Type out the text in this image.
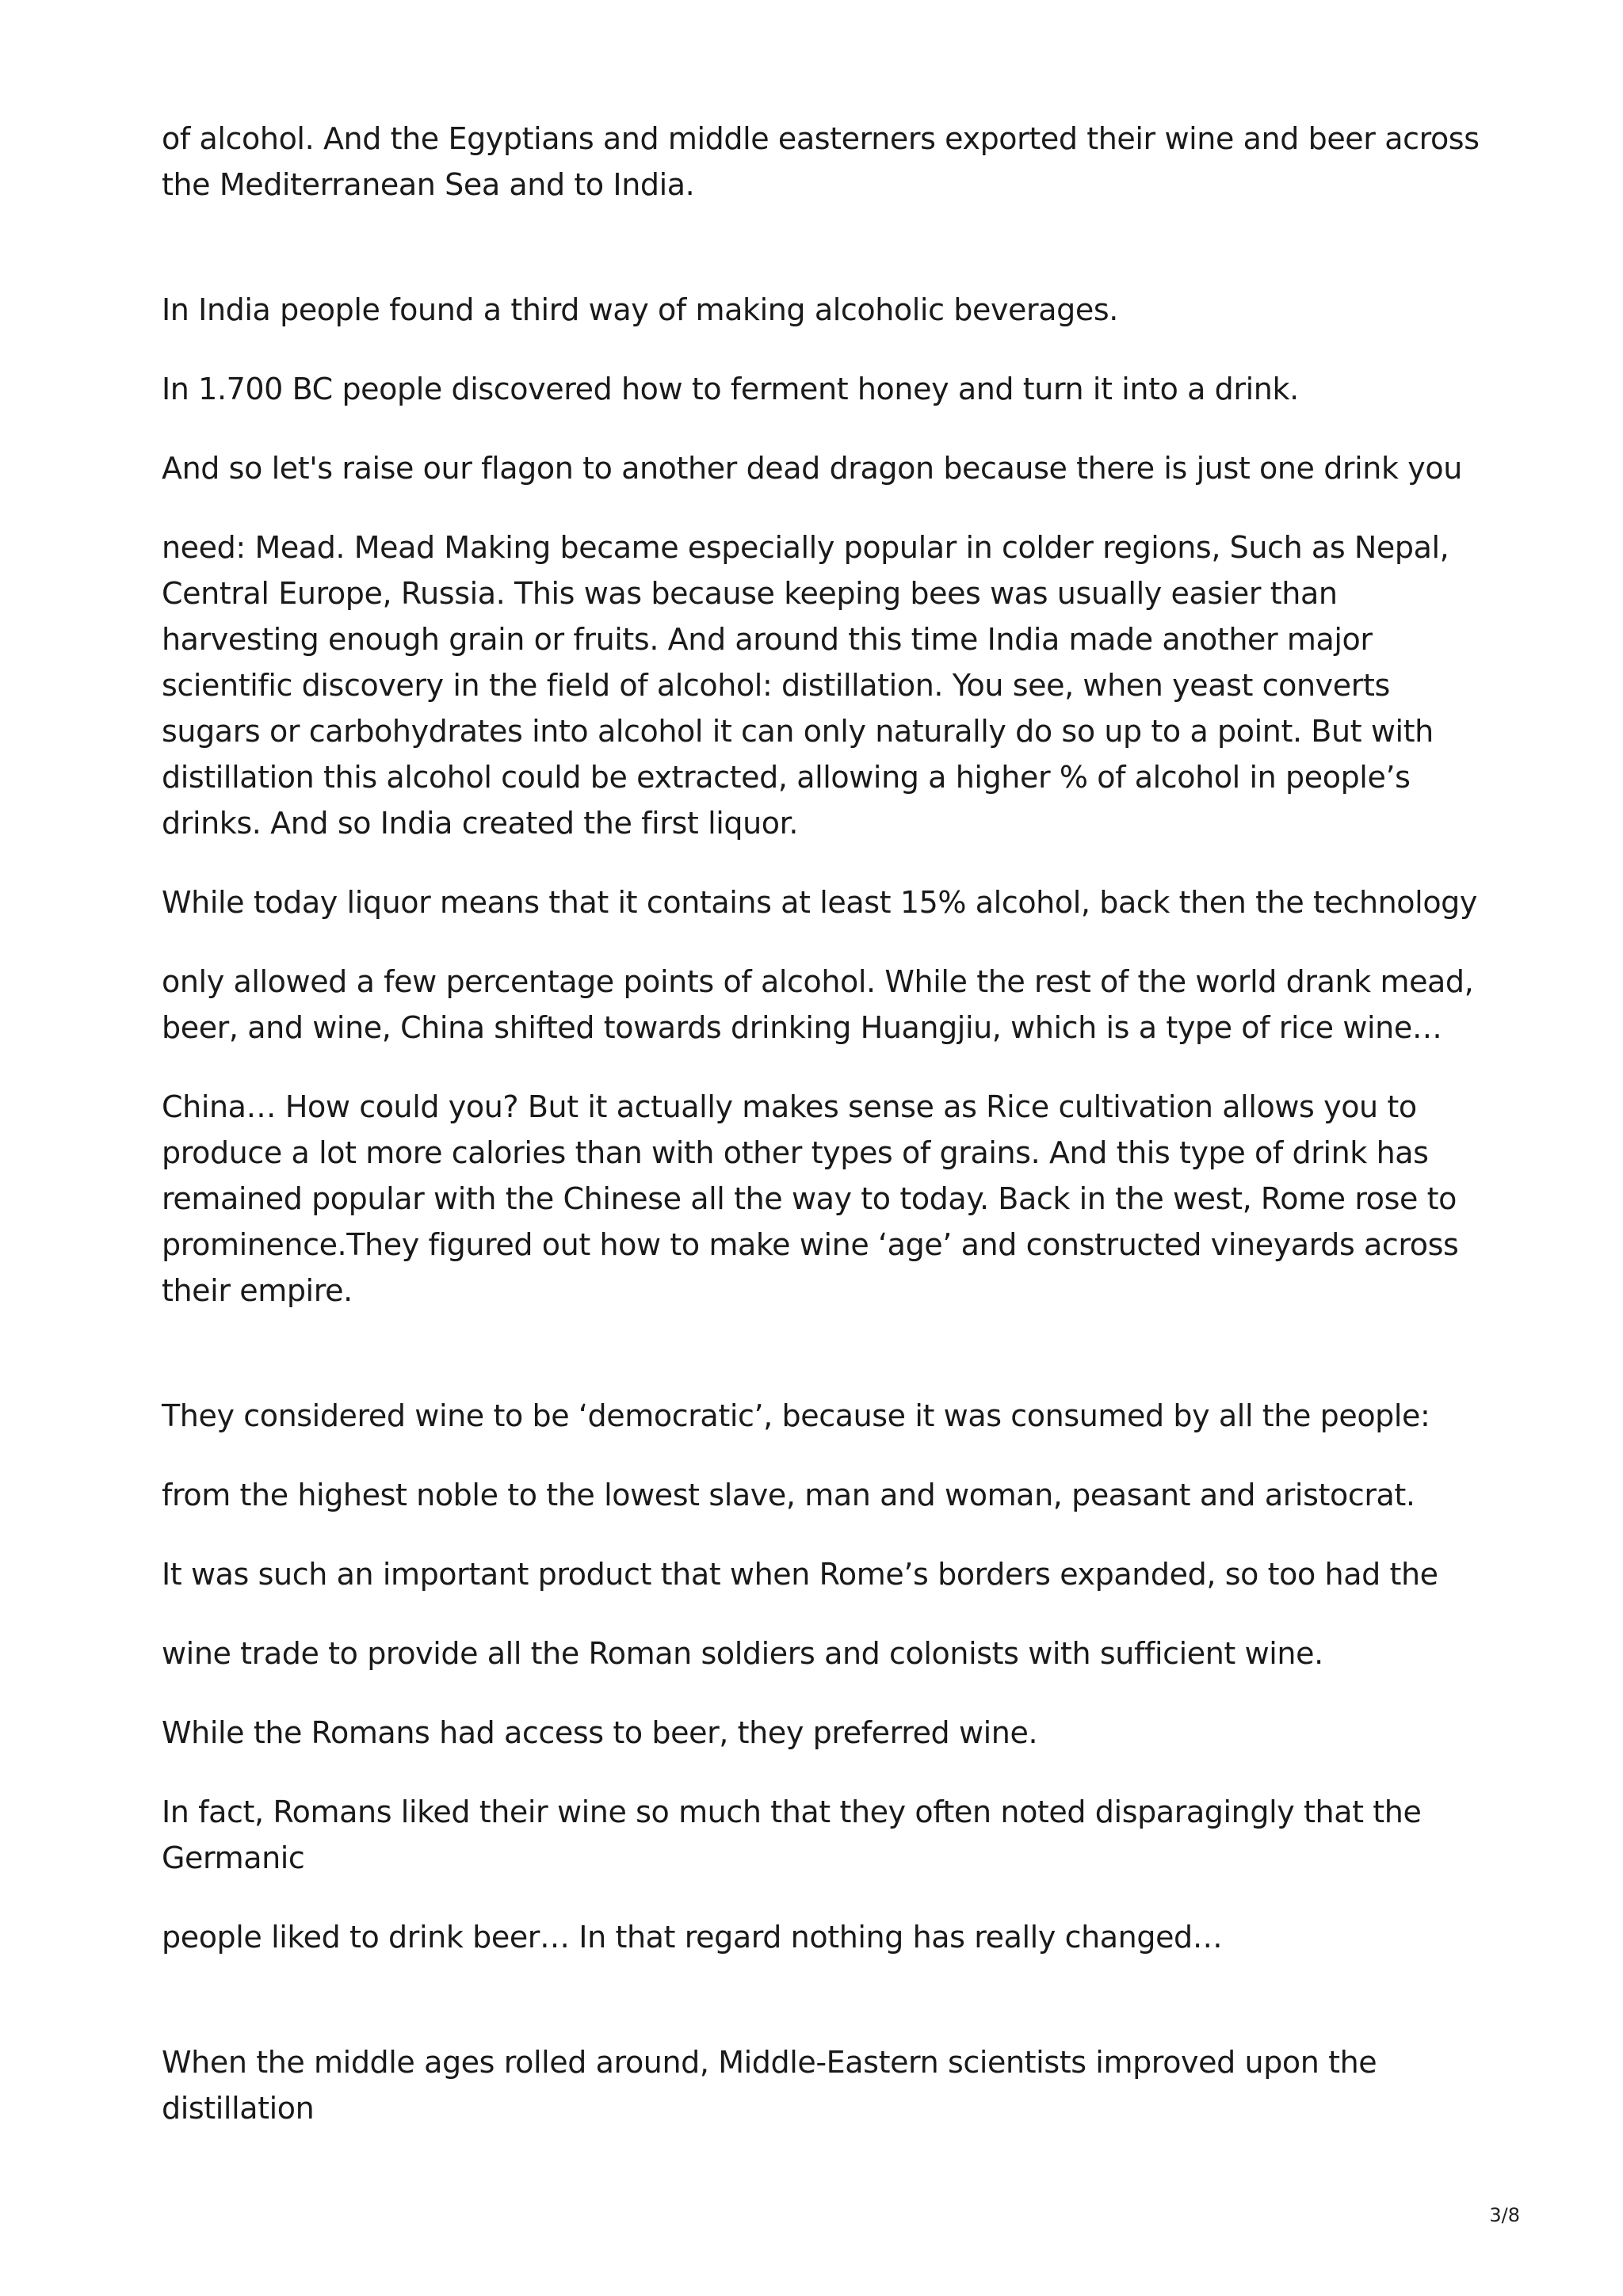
of alcohol. And the Egyptians and middle easterners exported their wine and beer across the Mediterranean Sea and to India.

In India people found a third way of making alcoholic beverages.

In 1.700 BC people discovered how to ferment honey and turn it into a drink.

And so let's raise our flagon to another dead dragon because there is just one drink you

need: Mead. Mead Making became especially popular in colder regions, Such as Nepal, Central Europe, Russia. This was because keeping bees was usually easier than harvesting enough grain or fruits. And around this time India made another major scientific discovery in the field of alcohol: distillation. You see, when yeast converts sugars or carbohydrates into alcohol it can only naturally do so up to a point. But with distillation this alcohol could be extracted, allowing a higher % of alcohol in people’s drinks. And so India created the first liquor.

While today liquor means that it contains at least 15% alcohol, back then the technology

only allowed a few percentage points of alcohol. While the rest of the world drank mead, beer, and wine, China shifted towards drinking Huangjiu, which is a type of rice wine…

China… How could you? But it actually makes sense as Rice cultivation allows you to produce a lot more calories than with other types of grains. And this type of drink has remained popular with the Chinese all the way to today. Back in the west, Rome rose to prominence.They figured out how to make wine ‘age’ and constructed vineyards across their empire.

They considered wine to be ‘democratic’, because it was consumed by all the people:

from the highest noble to the lowest slave, man and woman, peasant and aristocrat.

It was such an important product that when Rome’s borders expanded, so too had the

wine trade to provide all the Roman soldiers and colonists with sufficient wine.

While the Romans had access to beer, they preferred wine.

In fact, Romans liked their wine so much that they often noted disparagingly that the Germanic

people liked to drink beer… In that regard nothing has really changed…

When the middle ages rolled around, Middle-Eastern scientists improved upon the distillation

3/8
